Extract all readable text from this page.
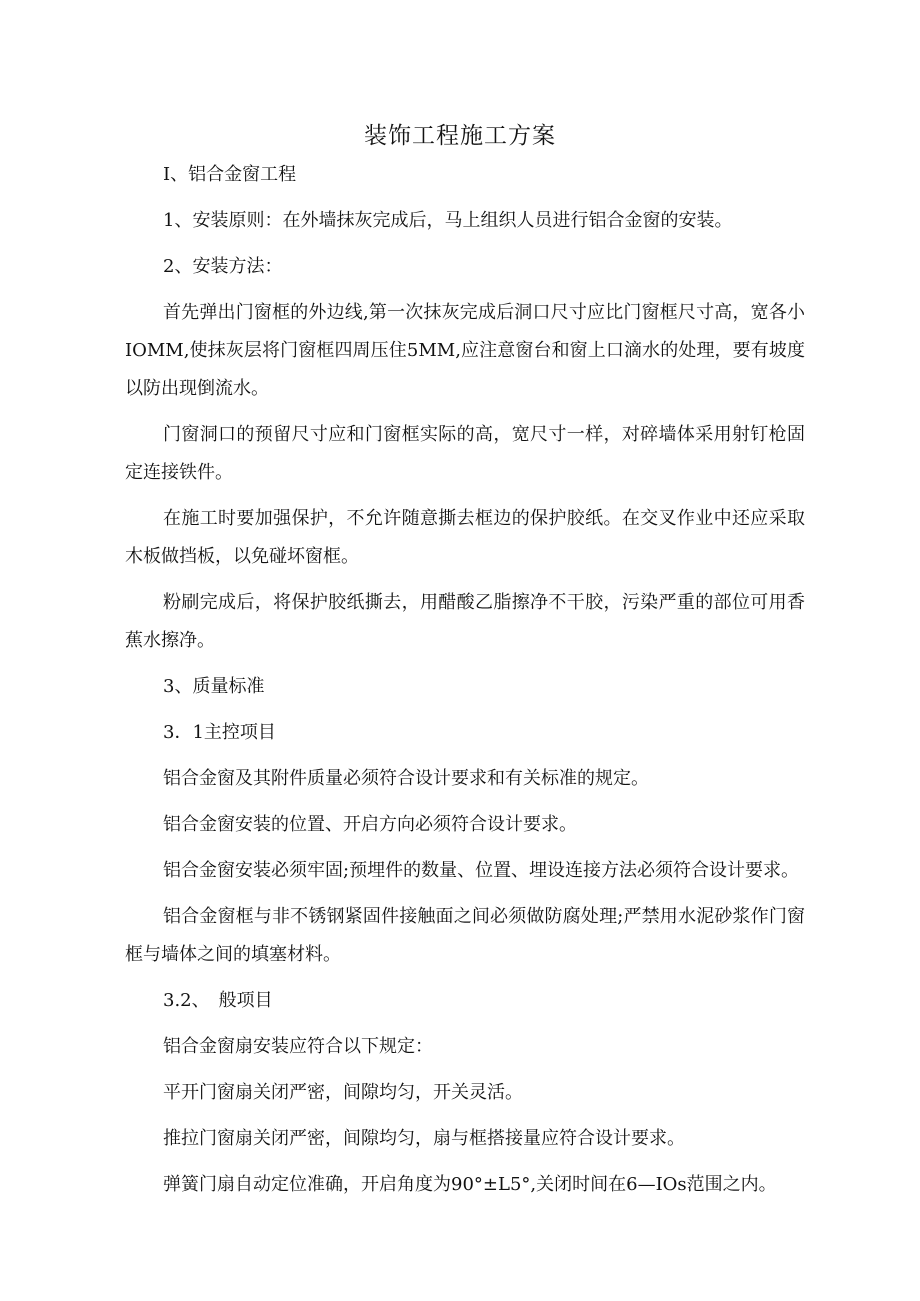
装饰工程施工方案

I、铝合金窗工程

1、安装原则：在外墙抹灰完成后，马上组织人员进行铝合金窗的安装。

2、安装方法：

首先弹出门窗框的外边线,第一次抹灰完成后洞口尺寸应比门窗框尺寸高，宽各小IOMM,使抹灰层将门窗框四周压住5MM,应注意窗台和窗上口滴水的处理，要有坡度以防出现倒流水。

门窗洞口的预留尺寸应和门窗框实际的高，宽尺寸一样，对碎墙体采用射钉枪固定连接铁件。

在施工时要加强保护，不允许随意撕去框边的保护胶纸。在交叉作业中还应采取木板做挡板，以免碰坏窗框。

粉刷完成后，将保护胶纸撕去，用醋酸乙脂擦净不干胶，污染严重的部位可用香蕉水擦净。

3、质量标准

3．1主控项目

铝合金窗及其附件质量必须符合设计要求和有关标准的规定。

铝合金窗安装的位置、开启方向必须符合设计要求。

铝合金窗安装必须牢固;预埋件的数量、位置、埋设连接方法必须符合设计要求。

铝合金窗框与非不锈钢紧固件接触面之间必须做防腐处理;严禁用水泥砂浆作门窗框与墙体之间的填塞材料。

3.2、　般项目

铝合金窗扇安装应符合以下规定：

平开门窗扇关闭严密，间隙均匀，开关灵活。

推拉门窗扇关闭严密，间隙均匀，扇与框搭接量应符合设计要求。

弹簧门扇自动定位准确，开启角度为90°±L5°,关闭时间在6—IOs范围之内。
